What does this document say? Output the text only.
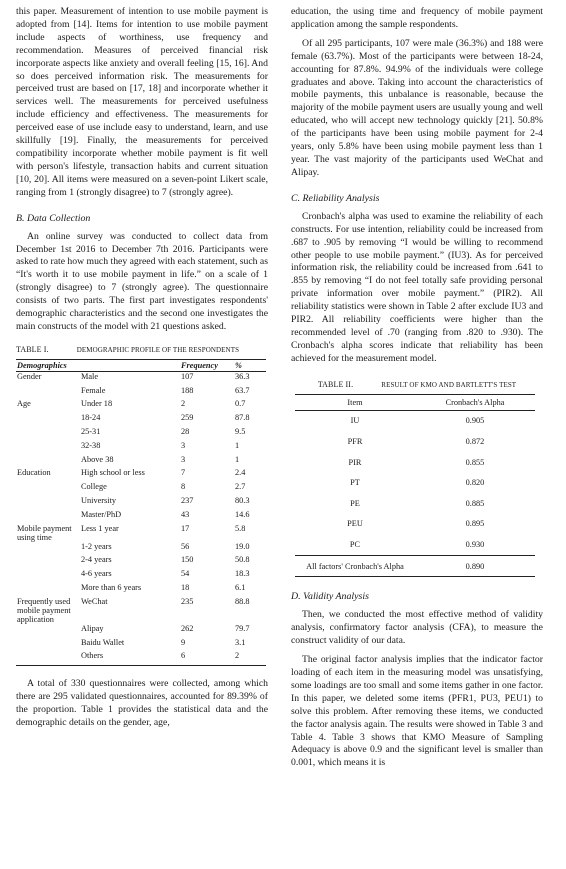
this paper. Measurement of intention to use mobile payment is adopted from [14]. Items for intention to use mobile payment include aspects of worthiness, use frequency and recommendation. Measures of perceived financial risk incorporate aspects like anxiety and overall feeling [15, 16]. And so does perceived information risk. The measurements for perceived trust are based on [17, 18] and incorporate whether it services well. The measurements for perceived usefulness include efficiency and effectiveness. The measurements for perceived ease of use include easy to understand, learn, and use skillfully [19]. Finally, the measurements for perceived compatibility incorporate whether mobile payment is fit well with person's lifestyle, transaction habits and current situation [10, 20]. All items were measured on a seven-point Likert scale, ranging from 1 (strongly disagree) to 7 (strongly agree).

B. Data Collection

An online survey was conducted to collect data from December 1st 2016 to December 7th 2016. Participants were asked to rate how much they agreed with each statement, such as “It's worth it to use mobile payment in life.” on a scale of 1 (strongly disagree) to 7 (strongly agree). The questionnaire consists of two parts. The first part investigates respondents' demographic characteristics and the second one investigates the main constructs of the model with 21 questions asked.

TABLE I.	DEMOGRAPHIC PROFILE OF THE RESPONDENTS
Demographics		Frequency	%
Gender	Male	107	36.3
	Female	188	63.7
Age	Under 18	2	0.7
	18-24	259	87.8
	25-31	28	9.5
	32-38	3	1
	Above 38	3	1
Education	High school or less	7	2.4
	College	8	2.7
	University	237	80.3
	Master/PhD	43	14.6
Mobile payment using time	Less 1 year	17	5.8
	1-2 years	56	19.0
	2-4 years	150	50.8
	4-6 years	54	18.3
	More than 6 years	18	6.1
Frequently used mobile payment application	WeChat	235	88.8
	Alipay	262	79.7
	Baidu Wallet	9	3.1
	Others	6	2

A total of 330 questionnaires were collected, among which there are 295 validated questionnaires, accounted for 89.39% of the proportion. Table 1 provides the statistical data and the demographic details on the gender, age,

education, the using time and frequency of mobile payment application among the sample respondents.

Of all 295 participants, 107 were male (36.3%) and 188 were female (63.7%). Most of the participants were between 18-24, accounting for 87.8%. 94.9% of the individuals were college graduates and above. Taking into account the characteristics of mobile payments, this unbalance is reasonable, because the majority of the mobile payment users are usually young and well educated, who will accept new technology quickly [21]. 50.8% of the participants have been using mobile payment for 2-4 years, only 5.8% have been using mobile payment less than 1 year. The vast majority of the participants used WeChat and Alipay.

C. Reliability Analysis

Cronbach's alpha was used to examine the reliability of each constructs. For use intention, reliability could be increased from .687 to .905 by removing “I would be willing to recommend other people to use mobile payment.” (IU3). As for perceived information risk, the reliability could be increased from .641 to .855 by removing “I do not feel totally safe providing personal private information over mobile payment.” (PIR2). All reliability statistics were shown in Table 2 after exclude IU3 and PIR2. All reliability coefficients were higher than the recommended level of .70 (ranging from .820 to .930). The Cronbach's alpha scores indicate that reliability has been achieved for the measurement model.

TABLE II.	RESULT OF KMO AND BARTLETT'S TEST
Item	Cronbach's Alpha
IU	0.905
PFR	0.872
PIR	0.855
PT	0.820
PE	0.885
PEU	0.895
PC	0.930
All factors' Cronbach's Alpha	0.890
D. Validity Analysis

Then, we conducted the most effective method of validity analysis, confirmatory factor analysis (CFA), to measure the construct validity of our data.

The original factor analysis implies that the indicator factor loading of each item in the measuring model was unsatisfying, some loadings are too small and some items gather in one factor. In this paper, we deleted some items (PFR1, PU3, PEU1) to solve this problem. After removing these items, we conducted the factor analysis again. The results were showed in Table 3 and Table 4. Table 3 shows that KMO Measure of Sampling Adequacy is above 0.9 and the significant level is smaller than 0.001, which means it is
